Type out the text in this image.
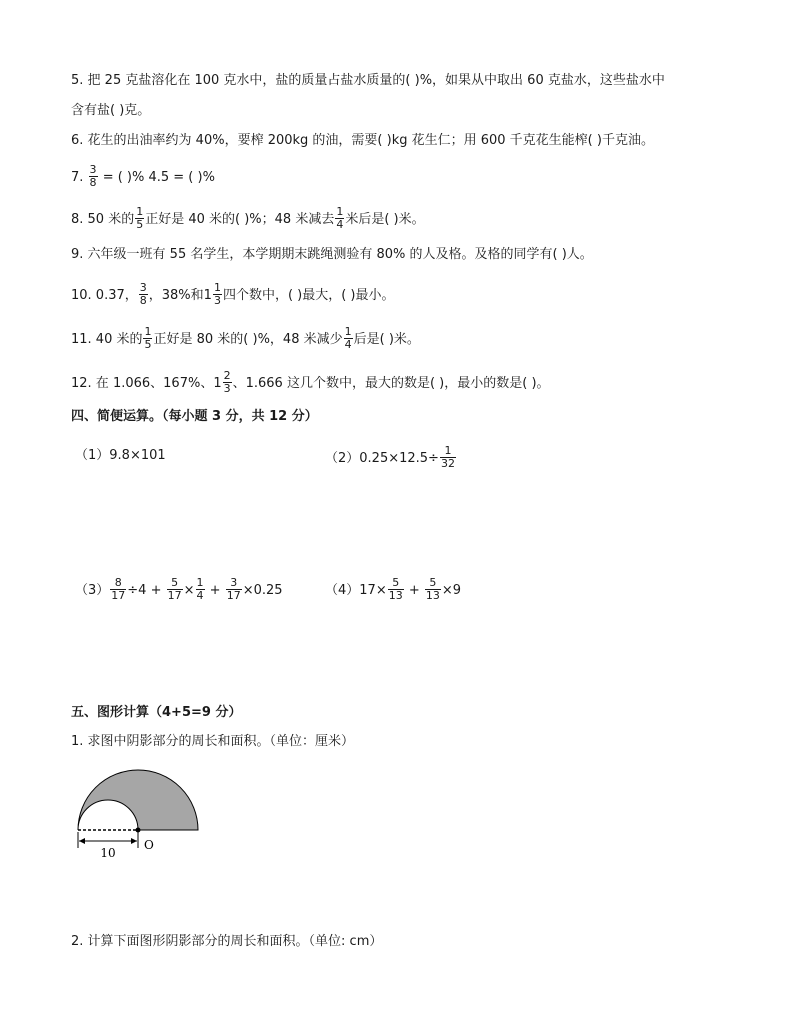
5. 把 25 克盐溶化在 100 克水中，盐的质量占盐水质量的( )%，如果从中取出 60 克盐水，这些盐水中
含有盐( )克。
6. 花生的出油率约为 40%，要榨 200kg 的油，需要( )kg 花生仁；用 600 千克花生能榨( )千克油。
7. $\frac{3}{8}$ = ( )% 4.5 = ( )%
8. 50 米的 $\frac{1}{5}$ 正好是 40 米的( )%；48 米减去 $\frac{1}{4}$ 米后是( )米。
9. 六年级一班有 55 名学生，本学期期末跳绳测验有 80% 的人及格。及格的同学有( )人。
10. 0.37， $\frac{3}{8}$ ，38%和$1 \frac{1}{3}$ 四个数中，( )最大，( )最小。
11. 40 米的 $\frac{1}{5}$ 正好是 80 米的( )%，48 米减少 $\frac{1}{4}$ 后是( )米。
12. 在 1.066、167%、$1 \frac{2}{3}$ 、1.666 这几个数中，最大的数是( )，最小的数是( )。
四、简便运算。（每小题 3 分，共 12 分）
（1）9.8×101	$(2)0.25\times 12.5\div \frac{1}{32}$
$(3) \frac{8}{17} \div 4 + \frac{5}{17} \times \frac{1}{4} + \frac{3}{17} \times 0.25$	$(4)17\times \frac{5}{13} + \frac{5}{13} \times 9$
五、图形计算（4+5=9 分）
1. 求图中阴影部分的周长和面积。（单位：厘米）
10
O
2. 计算下面图形阴影部分的周长和面积。（单位: cm）
